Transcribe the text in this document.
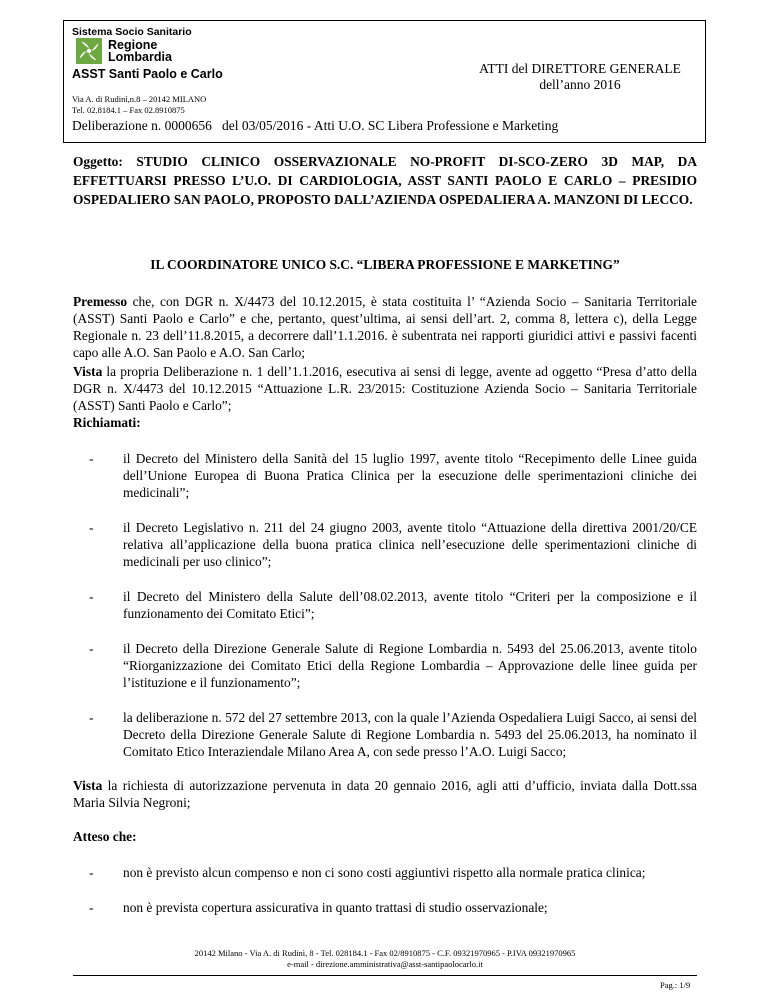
Sistema Socio Sanitario
Regione
Lombardia
ASST Santi Paolo e Carlo	ATTI del DIRETTORE GENERALE
dell’anno 2016
Via A. di Rudinì,n.8 – 20142 MILANO
Tel. 02.8184.1 – Fax 02.8910875
Deliberazione n. 0000656   del 03/05/2016 - Atti U.O. SC Libera Professione e Marketing
Oggetto: STUDIO CLINICO OSSERVAZIONALE NO-PROFIT DI-SCO-ZERO 3D MAP, DA EFFETTUARSI PRESSO L’U.O. DI CARDIOLOGIA, ASST SANTI PAOLO E CARLO – PRESIDIO OSPEDALIERO SAN PAOLO, PROPOSTO DALL’AZIENDA OSPEDALIERA A. MANZONI DI LECCO.
IL COORDINATORE UNICO S.C. “LIBERA PROFESSIONE E MARKETING”

Premesso che, con DGR n. X/4473 del 10.12.2015, è stata costituita l’ “Azienda Socio – Sanitaria Territoriale (ASST) Santi Paolo e Carlo” e che, pertanto, quest’ultima, ai sensi dell’art. 2, comma 8, lettera c), della Legge Regionale n. 23 dell’11.8.2015, a decorrere dall’1.1.2016. è subentrata nei rapporti giuridici attivi e passivi facenti capo alle A.O. San Paolo e A.O. San Carlo;

Vista la propria Deliberazione n. 1 dell’1.1.2016, esecutiva ai sensi di legge, avente ad oggetto “Presa d’atto della DGR n. X/4473 del 10.12.2015 “Attuazione L.R. 23/2015: Costituzione Azienda Socio – Sanitaria Territoriale (ASST) Santi Paolo e Carlo”;

Richiamati:
- il Decreto del Ministero della Sanità del 15 luglio 1997, avente titolo “Recepimento delle Linee guida dell’Unione Europea di Buona Pratica Clinica per la esecuzione delle sperimentazioni cliniche dei medicinali”;
- il Decreto Legislativo n. 211 del 24 giugno 2003, avente titolo “Attuazione della direttiva 2001/20/CE relativa all’applicazione della buona pratica clinica nell’esecuzione delle sperimentazioni cliniche di medicinali per uso clinico”;
- il Decreto del Ministero della Salute dell’08.02.2013, avente titolo “Criteri per la composizione e il funzionamento dei Comitato Etici”;
- il Decreto della Direzione Generale Salute di Regione Lombardia n. 5493 del 25.06.2013, avente titolo “Riorganizzazione dei Comitato Etici della Regione Lombardia – Approvazione delle linee guida per l’istituzione e il funzionamento”;
- la deliberazione n. 572 del 27 settembre 2013, con la quale l’Azienda Ospedaliera Luigi Sacco, ai sensi del Decreto della Direzione Generale Salute di Regione Lombardia n. 5493 del 25.06.2013, ha nominato il Comitato Etico Interaziendale Milano Area A, con sede presso l’A.O. Luigi Sacco;

Vista la richiesta di autorizzazione pervenuta in data 20 gennaio 2016, agli atti d’ufficio, inviata dalla Dott.ssa Maria Silvia Negroni;

Atteso che:
- non è previsto alcun compenso e non ci sono costi aggiuntivi rispetto alla normale pratica clinica;
- non è prevista copertura assicurativa in quanto trattasi di studio osservazionale;
20142 Milano - Via A. di Rudinì, 8 - Tel. 028184.1 - Fax 02/8910875 - C.F. 09321970965 - P.IVA 09321970965
e-mail - direzione.amministrativa@asst-santipaolocarlo.it
Pag.: 1/9
